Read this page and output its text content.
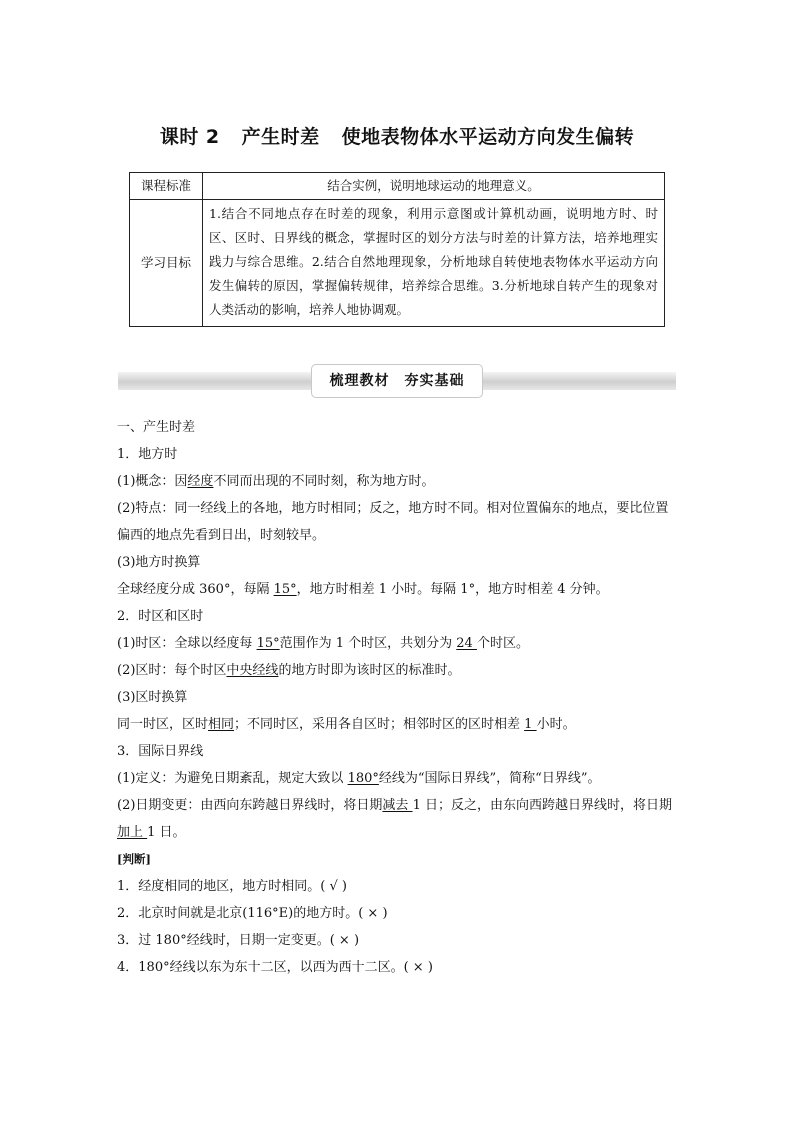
课时 2 产生时差 使地表物体水平运动方向发生偏转
课程标准	结合实例，说明地球运动的地理意义。
学习目标	1.结合不同地点存在时差的现象，利用示意图或计算机动画，说明地方时、时区、区时、日界线的概念，掌握时区的划分方法与时差的计算方法，培养地理实践力与综合思维。2.结合自然地理现象，分析地球自转使地表物体水平运动方向发生偏转的原因，掌握偏转规律，培养综合思维。3.分析地球自转产生的现象对人类活动的影响，培养人地协调观。
梳理教材　夯实基础

一、产生时差

1．地方时

(1)概念：因经度不同而出现的不同时刻，称为地方时。

(2)特点：同一经线上的各地，地方时相同；反之，地方时不同。相对位置偏东的地点，要比位置偏西的地点先看到日出，时刻较早。

(3)地方时换算

全球经度分成 360°，每隔 15°，地方时相差 1 小时。每隔 1°，地方时相差 4 分钟。

2．时区和区时

(1)时区：全球以经度每 15°范围作为 1 个时区，共划分为 24 个时区。

(2)区时：每个时区中央经线的地方时即为该时区的标准时。

(3)区时换算

同一时区，区时相同；不同时区，采用各自区时；相邻时区的区时相差 1 小时。

3．国际日界线

(1)定义：为避免日期紊乱，规定大致以 180°经线为“国际日界线”，简称“日界线”。

(2)日期变更：由西向东跨越日界线时，将日期减去 1 日；反之，由东向西跨越日界线时，将日期加上 1 日。

[判断]

1．经度相同的地区，地方时相同。( √ )

2．北京时间就是北京(116°E)的地方时。( × )

3．过 180°经线时，日期一定变更。( × )

4．180°经线以东为东十二区，以西为西十二区。( × )
